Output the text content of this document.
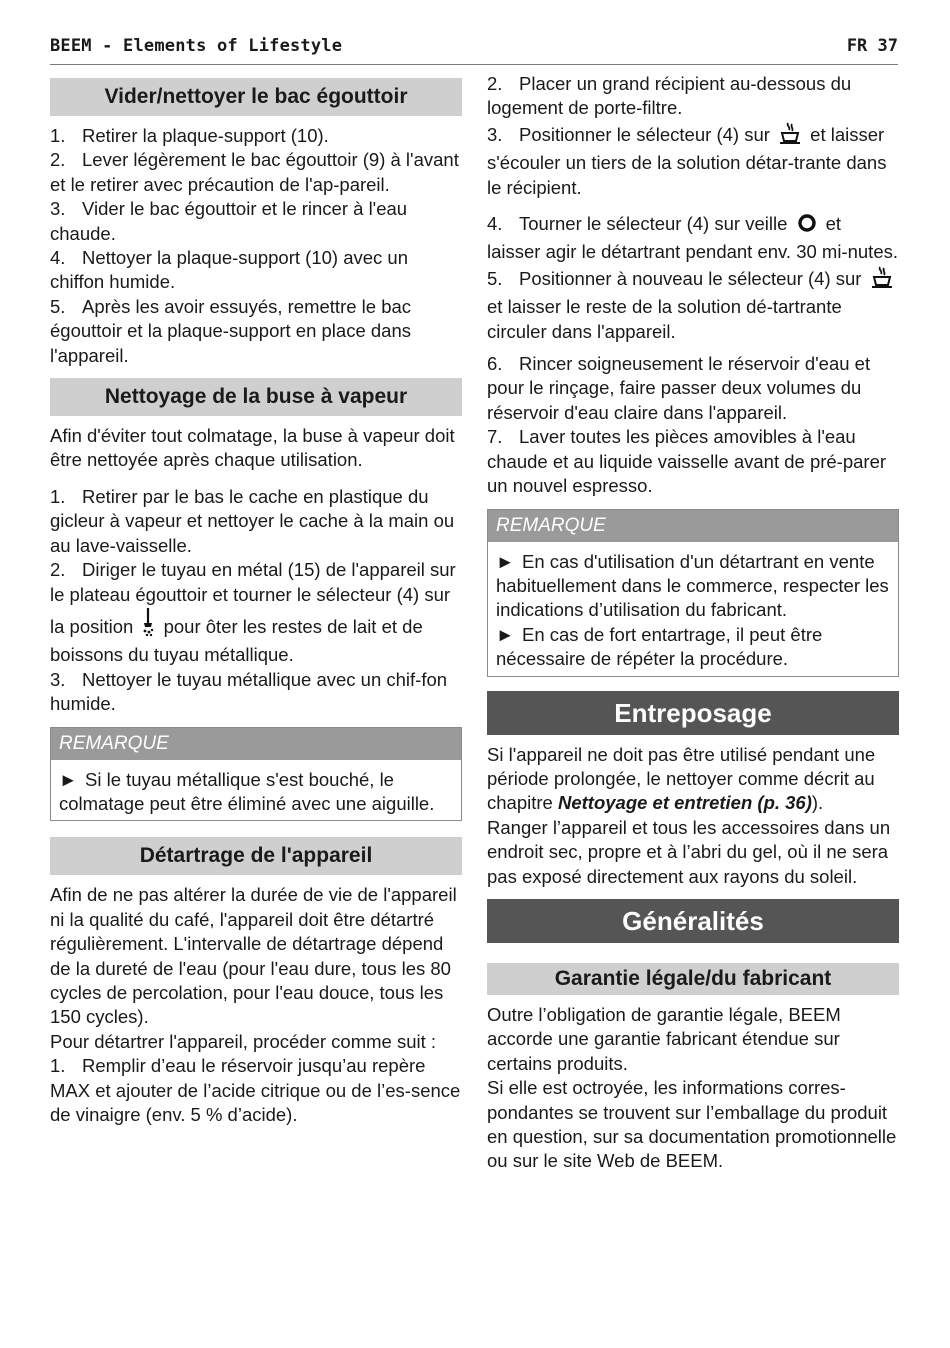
BEEM - Elements of Lifestyle	FR 37
Vider/nettoyer le bac égouttoir
1. Retirer la plaque-support (10).
2. Lever légèrement le bac égouttoir (9) à l'avant et le retirer avec précaution de l'ap-pareil.
3. Vider le bac égouttoir et le rincer à l'eau chaude.
4. Nettoyer la plaque-support (10) avec un chiffon humide.
5. Après les avoir essuyés, remettre le bac égouttoir et la plaque-support en place dans l'appareil.
Nettoyage de la buse à vapeur

Afin d'éviter tout colmatage, la buse à vapeur doit être nettoyée après chaque utilisation.

1. Retirer par le bas le cache en plastique du gicleur à vapeur et nettoyer le cache à la main ou au lave-vaisselle.
2. Diriger le tuyau en métal (15) de l'appareil sur le plateau égouttoir et tourner le sélecteur (4) sur la position pour ôter les restes de lait et de boissons du tuyau métallique.
3. Nettoyer le tuyau métallique avec un chif-fon humide.
REMARQUE

► Si le tuyau métallique s'est bouché, le colmatage peut être éliminé avec une aiguille.

Détartrage de l'appareil

Afin de ne pas altérer la durée de vie de l'appareil ni la qualité du café, l'appareil doit être détartré régulièrement. L'intervalle de détartrage dépend de la dureté de l'eau (pour l'eau dure, tous les 80 cycles de percolation, pour l'eau douce, tous les 150 cycles).

Pour détartrer l'appareil, procéder comme suit :

1. Remplir d’eau le réservoir jusqu’au repère MAX et ajouter de l’acide citrique ou de l’es-sence de vinaigre (env. 5 % d’acide).
2. Placer un grand récipient au-dessous du logement de porte-filtre.
3. Positionner le sélecteur (4) sur et laisser s'écouler un tiers de la solution détar-trante dans le récipient.
4. Tourner le sélecteur (4) sur veille et laisser agir le détartrant pendant env. 30 mi-nutes.
5. Positionner à nouveau le sélecteur (4) sur  et laisser le reste de la solution dé-tartrante circuler dans l'appareil.
6. Rincer soigneusement le réservoir d'eau et pour le rinçage, faire passer deux volumes du réservoir d'eau claire dans l'appareil.
7. Laver toutes les pièces amovibles à l'eau chaude et au liquide vaisselle avant de pré-parer un nouvel espresso.
REMARQUE

► En cas d'utilisation d'un détartrant en vente habituellement dans le commerce, respecter les indications d’utilisation du fabricant.

► En cas de fort entartrage, il peut être nécessaire de répéter la procédure.

Entreposage

Si l'appareil ne doit pas être utilisé pendant une période prolongée, le nettoyer comme décrit au chapitre Nettoyage et entretien (p. 36)).

Ranger l’appareil et tous les accessoires dans un endroit sec, propre et à l’abri du gel, où il ne sera pas exposé directement aux rayons du soleil.

Généralités
Garantie légale/du fabricant

Outre l’obligation de garantie légale, BEEM accorde une garantie fabricant étendue sur certains produits.

Si elle est octroyée, les informations corres-pondantes se trouvent sur l’emballage du produit en question, sur sa documentation promotionnelle ou sur le site Web de BEEM.
